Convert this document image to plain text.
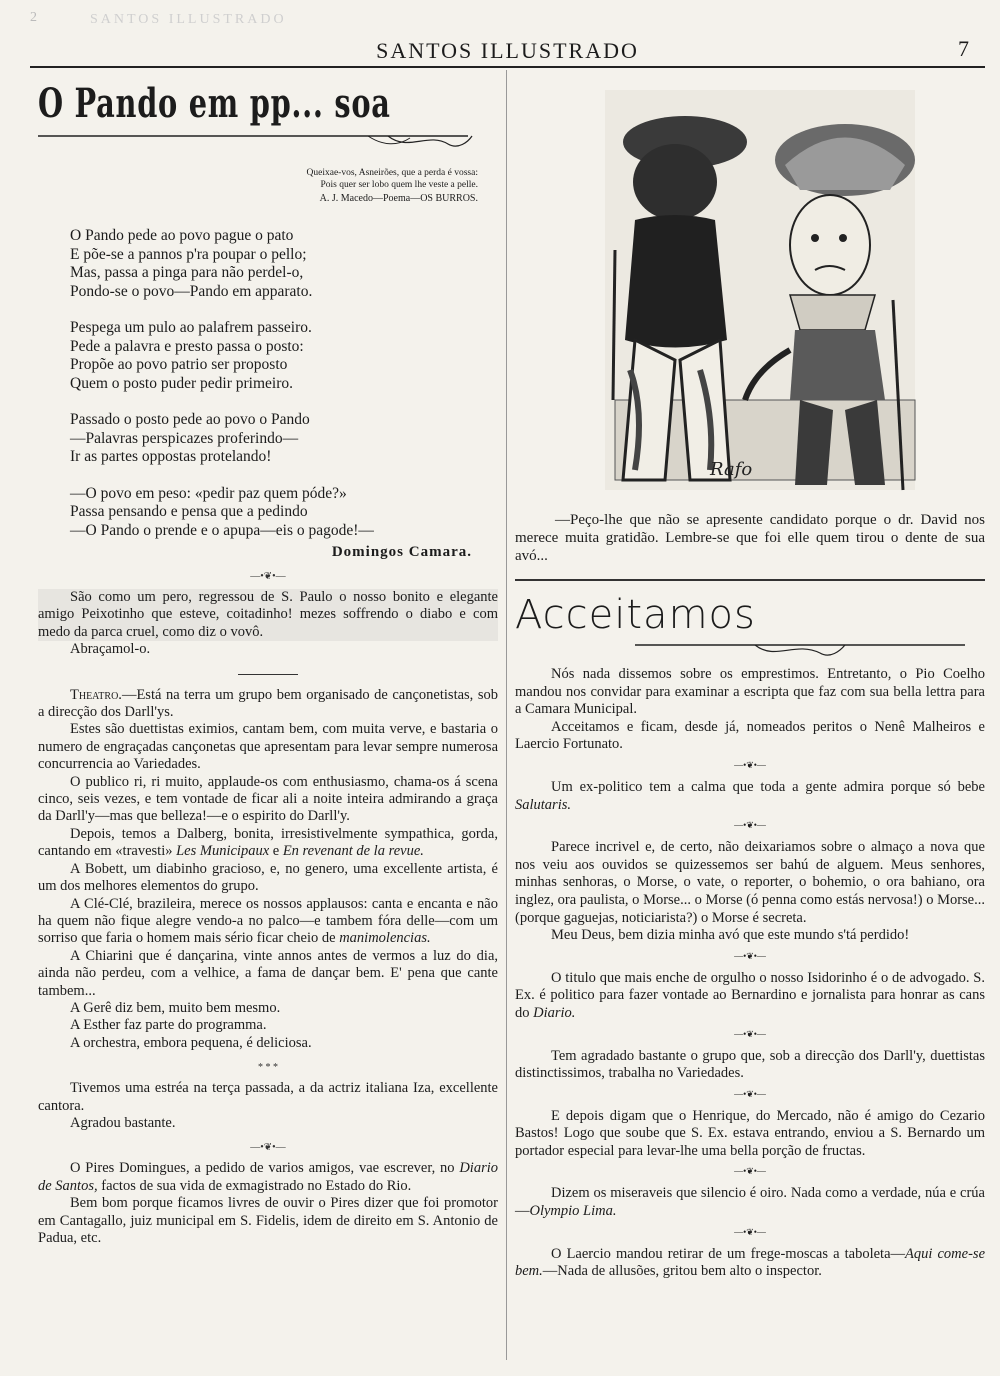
2	SANTOS ILLUSTRADO
SANTOS ILLUSTRADO	7
O Pando em pp... soa
Queixae-vos, Asneirões, que a perda é vossa:
Pois quer ser lobo quem lhe veste a pelle.
A. J. Macedo—Poema—OS BURROS.
O Pando pede ao povo pague o pato
E põe-se a pannos p'ra poupar o pello;
Mas, passa a pinga para não perdel-o,
Pondo-se o povo—Pando em apparato.
Pespega um pulo ao palafrem passeiro.
Pede a palavra e presto passa o posto:
Propõe ao povo patrio ser proposto
Quem o posto puder pedir primeiro.
Passado o posto pede ao povo o Pando
—Palavras perspicazes proferindo—
Ir as partes oppostas protelando!
—O povo em peso: «pedir paz quem póde?»
Passa pensando e pensa que a pedindo
—O Pando o prende e o apupa—eis o pagode!—
Domingos Camara.
—•❦•—

São como um pero, regressou de S. Paulo o nosso bonito e elegante amigo Peixotinho que esteve, coitadinho! mezes soffrendo o diabo e com medo da parca cruel, como diz o vovô.

Abraçamol-o.

Theatro.—Está na terra um grupo bem organisado de cançonetistas, sob a direcção dos Darll'ys.

Estes são duettistas eximios, cantam bem, com muita verve, e bastaria o numero de engraçadas cançonetas que apresentam para levar sempre numerosa concurrencia ao Variedades.

O publico ri, ri muito, applaude-os com enthusiasmo, chama-os á scena cinco, seis vezes, e tem vontade de ficar ali a noite inteira admirando a graça da Darll'y—mas que belleza!—e o espirito do Darll'y.

Depois, temos a Dalberg, bonita, irresistivelmente sympathica, gorda, cantando em «travesti» Les Municipaux e En revenant de la revue.

A Bobett, um diabinho gracioso, e, no genero, uma excellente artista, é um dos melhores elementos do grupo.

A Clé-Clé, brazileira, merece os nossos applausos: canta e encanta e não ha quem não fique alegre vendo-a no palco—e tambem fóra delle—com um sorriso que faria o homem mais sério ficar cheio de manimolencias.

A Chiarini que é dançarina, vinte annos antes de vermos a luz do dia, ainda não perdeu, com a velhice, a fama de dançar bem. E' pena que cante tambem...

A Gerê diz bem, muito bem mesmo.

A Esther faz parte do programma.

A orchestra, embora pequena, é deliciosa.

* * *

Tivemos uma estréa na terça passada, a da actriz italiana Iza, excellente cantora.

Agradou bastante.

—•❦•—

O Pires Domingues, a pedido de varios amigos, vae escrever, no Diario de Santos, factos de sua vida de exmagistrado no Estado do Rio.

Bem bom porque ficamos livres de ouvir o Pires dizer que foi promotor em Cantagallo, juiz municipal em S. Fidelis, idem de direito em S. Antonio de Padua, etc.

Rafo

—Peço-lhe que não se apresente candidato porque o dr. David nos merece muita gratidão. Lembre-se que foi elle quem tirou o dente de sua avó...

Acceitamos

Nós nada dissemos sobre os emprestimos. Entretanto, o Pio Coelho mandou nos convidar para examinar a escripta que faz com sua bella lettra para a Camara Municipal.

Acceitamos e ficam, desde já, nomeados peritos o Nenê Malheiros e Laercio Fortunato.

—•❦•—

Um ex-politico tem a calma que toda a gente admira porque só bebe Salutaris.

—•❦•—

Parece incrivel e, de certo, não deixariamos sobre o almaço a nova que nos veiu aos ouvidos se quizessemos ser bahú de alguem. Meus senhores, minhas senhoras, o Morse, o vate, o reporter, o bohemio, o ora bahiano, ora inglez, ora paulista, o Morse... o Morse (ó penna como estás nervosa!) o Morse... (porque gaguejas, noticiarista?) o Morse é secreta.

Meu Deus, bem dizia minha avó que este mundo s'tá perdido!

—•❦•—

O titulo que mais enche de orgulho o nosso Isidorinho é o de advogado. S. Ex. é politico para fazer vontade ao Bernardino e jornalista para honrar as cans do Diario.

—•❦•—

Tem agradado bastante o grupo que, sob a direcção dos Darll'y, duettistas distinctissimos, trabalha no Variedades.

—•❦•—

E depois digam que o Henrique, do Mercado, não é amigo do Cezario Bastos! Logo que soube que S. Ex. estava entrando, enviou a S. Bernardo um portador especial para levar-lhe uma bella porção de fructas.

—•❦•—

Dizem os miseraveis que silencio é oiro. Nada como a verdade, núa e crúa—Olympio Lima.

—•❦•—

O Laercio mandou retirar de um frege-moscas a taboleta—Aqui come-se bem.—Nada de allusões, gritou bem alto o inspector.
